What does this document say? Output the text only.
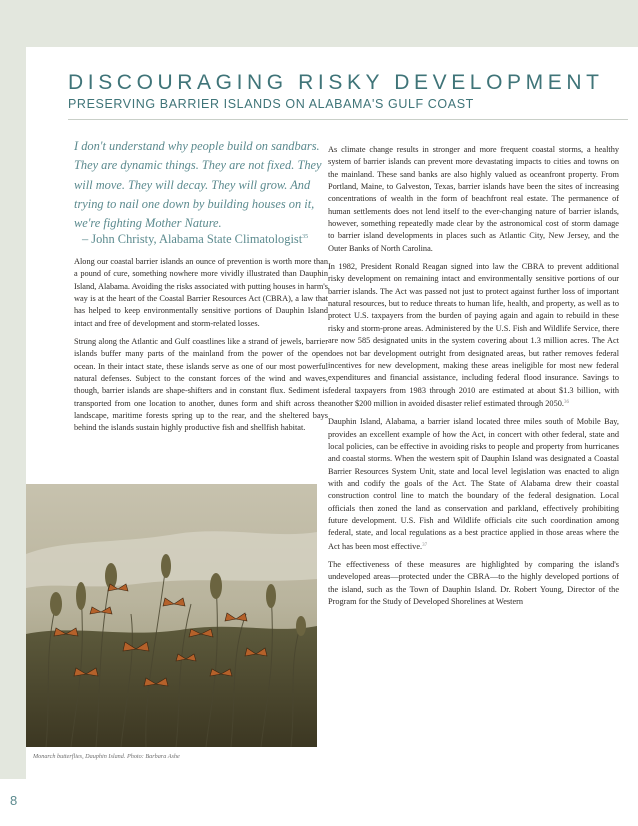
DISCOURAGING RISKY DEVELOPMENT
PRESERVING BARRIER ISLANDS ON ALABAMA'S GULF COAST

I don't understand why people build on sandbars. They are dynamic things. They are not fixed. They will move. They will decay. They will grow. And trying to nail one down by building houses on it, we're fighting Mother Nature.

– John Christy, Alabama State Climatologist$^{35}$

Along our coastal barrier islands an ounce of prevention is worth more than a pound of cure, something nowhere more vividly illustrated than Dauphin Island, Alabama. Avoiding the risks associated with putting houses in harm's way is at the heart of the Coastal Barrier Resources Act (CBRA), a law that has helped to keep environmentally sensitive portions of Dauphin Island intact and free of development and storm-related losses.

Strung along the Atlantic and Gulf coastlines like a strand of jewels, barrier islands buffer many parts of the mainland from the power of the open ocean. In their intact state, these islands serve as one of our most powerful natural defenses. Subject to the constant forces of the wind and waves, though, barrier islands are shape-shifters and in constant flux. Sediment is transported from one location to another, dunes form and shift across the landscape, maritime forests spring up to the rear, and the sheltered bays behind the islands sustain highly productive fish and shellfish habitat.

As climate change results in stronger and more frequent coastal storms, a healthy system of barrier islands can prevent more devastating impacts to cities and towns on the mainland. These sand banks are also highly valued as oceanfront property. From Portland, Maine, to Galveston, Texas, barrier islands have been the sites of increasing concentrations of wealth in the form of beachfront real estate. The permanence of human settlements does not lend itself to the ever-changing nature of barrier islands, however, something repeatedly made clear by the astronomical cost of storm damage to barrier island developments in places such as Atlantic City, New Jersey, and the Outer Banks of North Carolina.

In 1982, President Ronald Reagan signed into law the CBRA to prevent additional risky development on remaining intact and environmentally sensitive portions of our barrier islands. The Act was passed not just to protect against further loss of important natural resources, but to reduce threats to human life, health, and property, as well as to protect U.S. taxpayers from the burden of paying again and again to rebuild in these risky and storm-prone areas. Administered by the U.S. Fish and Wildlife Service, there are now 585 designated units in the system covering about 1.3 million acres. The Act does not bar development outright from designated areas, but rather removes federal incentives for new development, making these areas ineligible for most new federal expenditures and financial assistance, including federal flood insurance. Savings to federal taxpayers from 1983 through 2010 are estimated at about $1.3 billion, with another $200 million in avoided disaster relief estimated through 2050.36

Dauphin Island, Alabama, a barrier island located three miles south of Mobile Bay, provides an excellent example of how the Act, in concert with other federal, state and local policies, can be effective in avoiding risks to people and property from hurricanes and coastal storms. When the western spit of Dauphin Island was designated a Coastal Barrier Resources System Unit, state and local level legislation was enacted to align with and codify the goals of the Act. The State of Alabama drew their coastal construction control line to match the boundary of the federal designation. Local officials then zoned the land as conservation and parkland, effectively prohibiting future development. U.S. Fish and Wildlife officials cite such coordination among federal, state, and local regulations as a best practice applied in those areas where the Act has been most effective.$^{37}$

The effectiveness of these measures are highlighted by comparing the island's undeveloped areas—protected under the CBRA—to the highly developed portions of the island, such as the Town of Dauphin Island. Dr. Robert Young, Director of the Program for the Study of Developed Shorelines at Western

Monarch butterflies, Dauphin Island. Photo: Barbara Ashe
8
